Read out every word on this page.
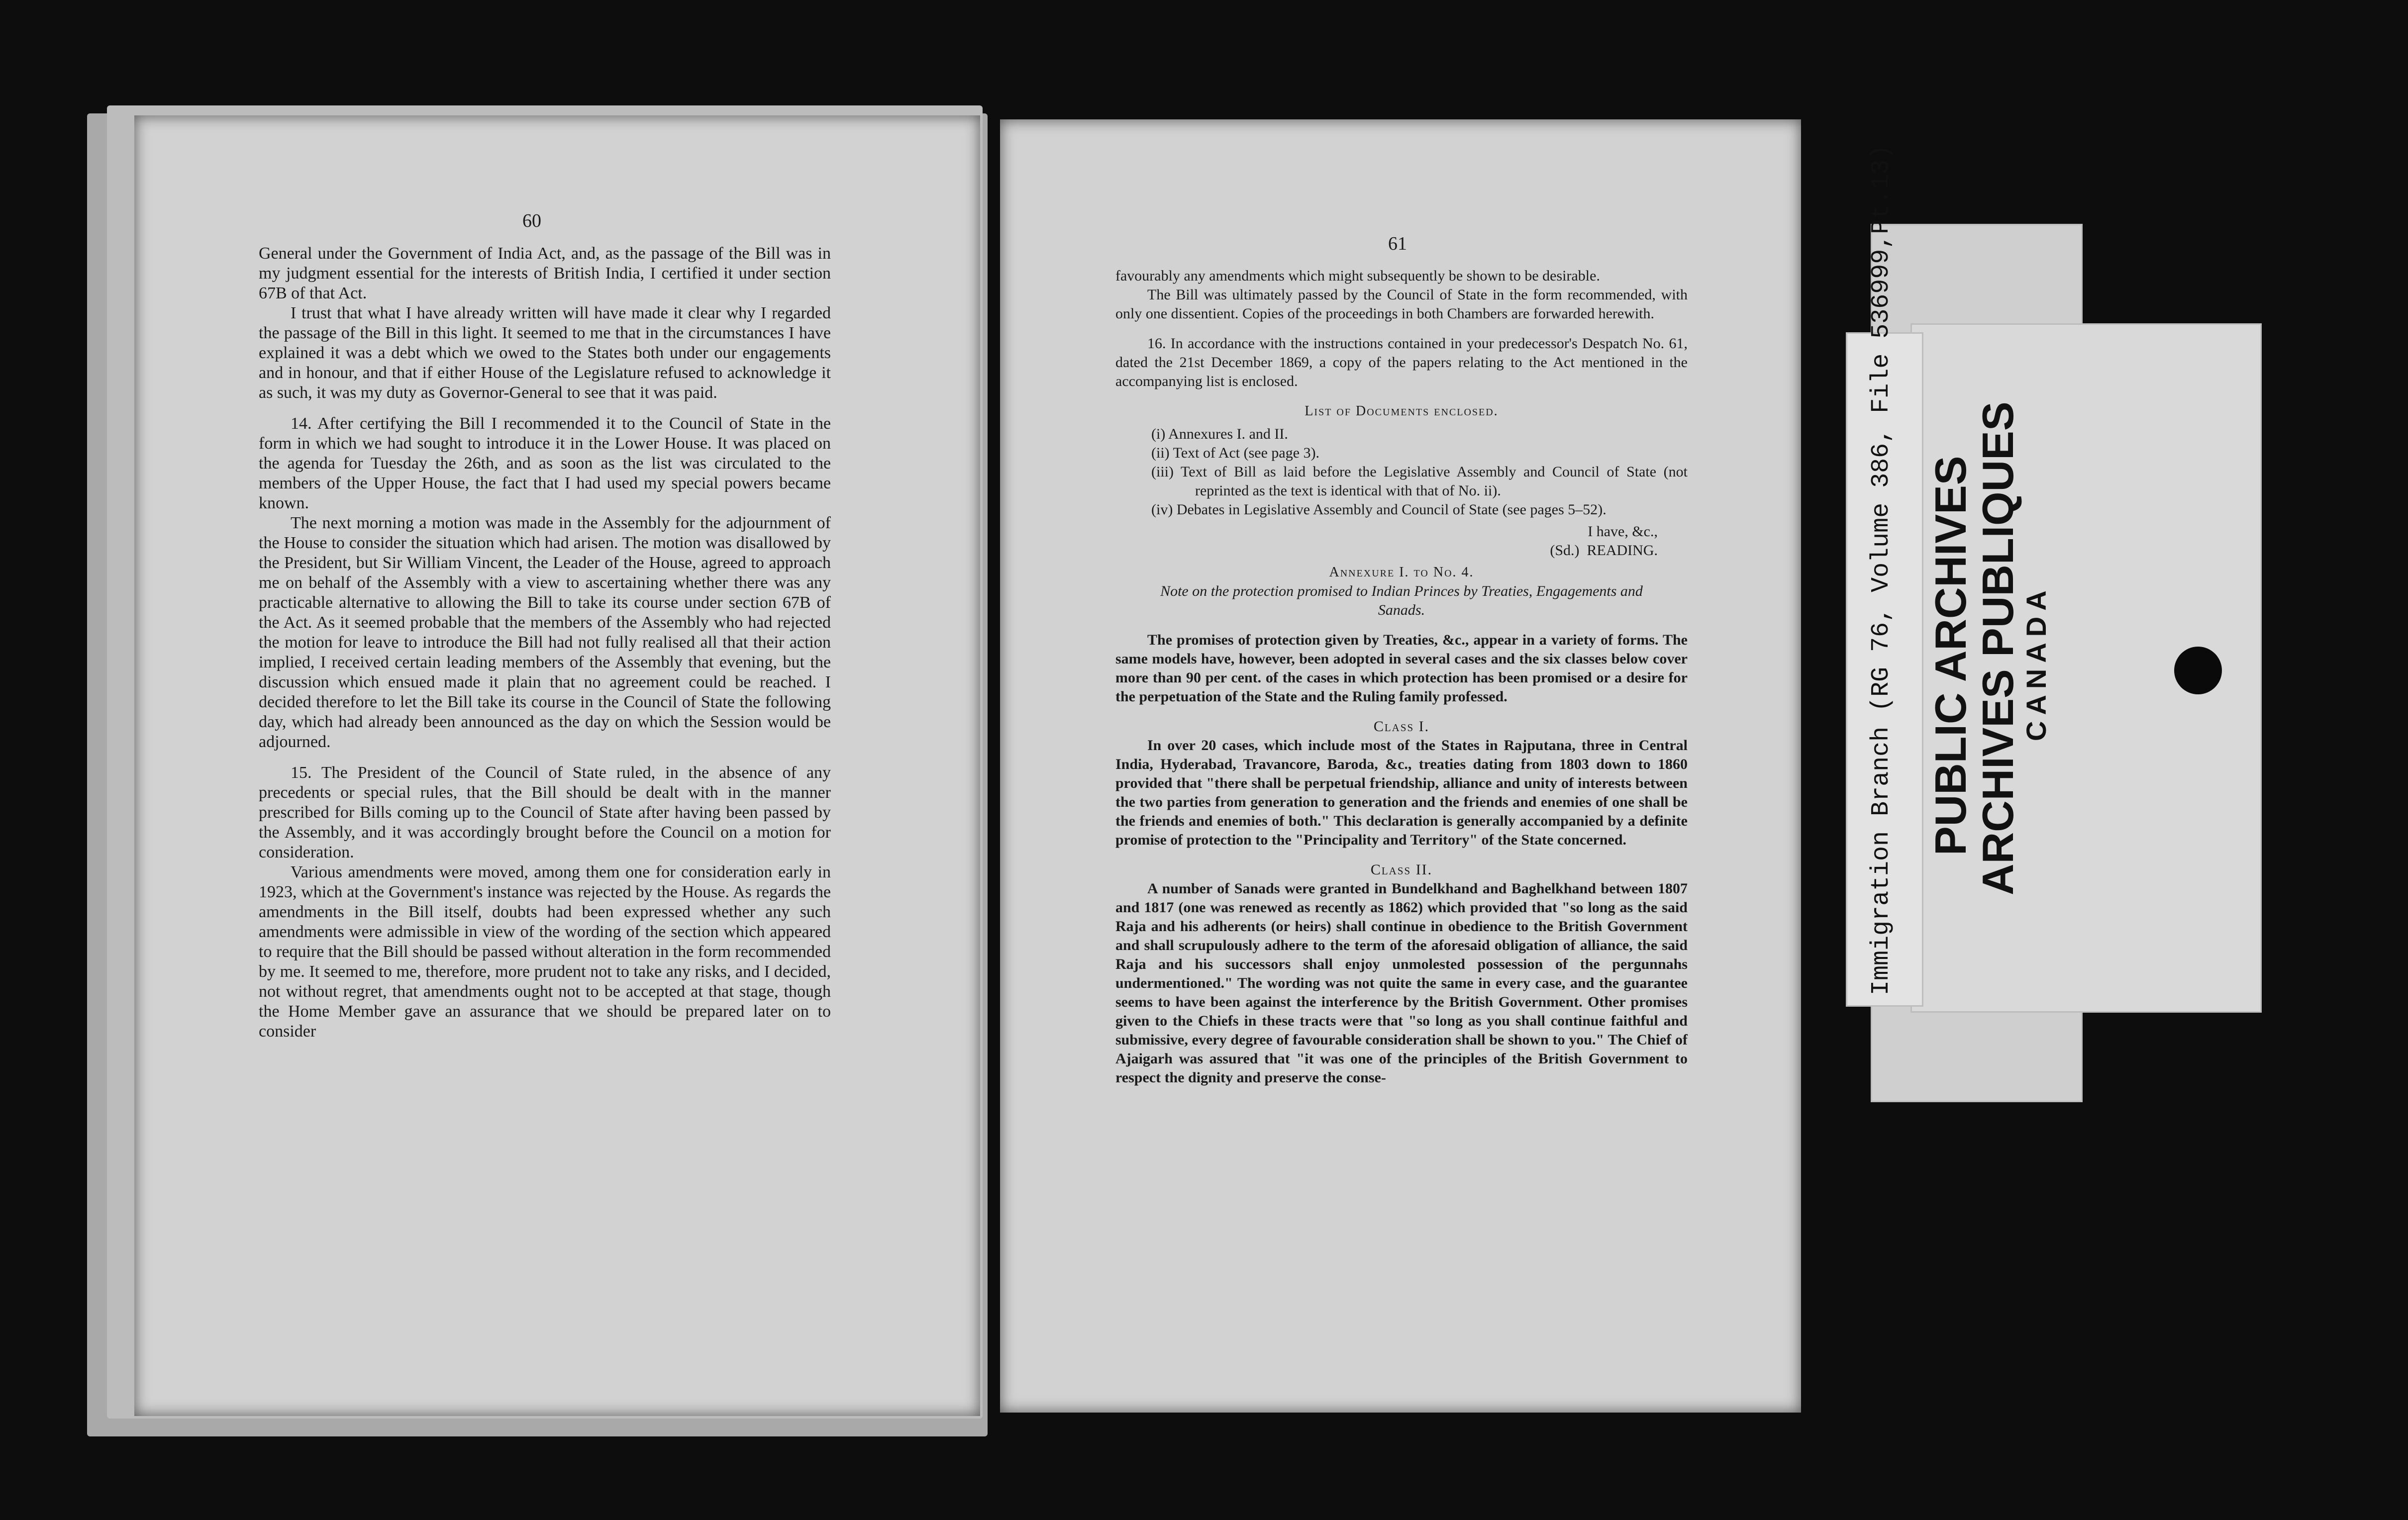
60

General under the Government of India Act, and, as the passage of the Bill was in my judgment essential for the interests of British India, I certified it under section 67B of that Act.

I trust that what I have already written will have made it clear why I regarded the passage of the Bill in this light. It seemed to me that in the circumstances I have explained it was a debt which we owed to the States both under our engagements and in honour, and that if either House of the Legislature refused to acknowledge it as such, it was my duty as Governor-General to see that it was paid.

14. After certifying the Bill I recommended it to the Council of State in the form in which we had sought to introduce it in the Lower House. It was placed on the agenda for Tuesday the 26th, and as soon as the list was circulated to the members of the Upper House, the fact that I had used my special powers became known.

The next morning a motion was made in the Assembly for the adjournment of the House to consider the situation which had arisen. The motion was disallowed by the President, but Sir William Vincent, the Leader of the House, agreed to approach me on behalf of the Assembly with a view to ascertaining whether there was any practicable alternative to allowing the Bill to take its course under section 67B of the Act. As it seemed probable that the members of the Assembly who had rejected the motion for leave to introduce the Bill had not fully realised all that their action implied, I received certain leading members of the Assembly that evening, but the discussion which ensued made it plain that no agreement could be reached. I decided therefore to let the Bill take its course in the Council of State the following day, which had already been announced as the day on which the Session would be adjourned.

15. The President of the Council of State ruled, in the absence of any precedents or special rules, that the Bill should be dealt with in the manner prescribed for Bills coming up to the Council of State after having been passed by the Assembly, and it was accordingly brought before the Council on a motion for consideration.

Various amendments were moved, among them one for consideration early in 1923, which at the Government's instance was rejected by the House. As regards the amendments in the Bill itself, doubts had been expressed whether any such amendments were admissible in view of the wording of the section which appeared to require that the Bill should be passed without alteration in the form recommended by me. It seemed to me, therefore, more prudent not to take any risks, and I decided, not without regret, that amendments ought not to be accepted at that stage, though the Home Member gave an assurance that we should be prepared later on to consider

61

favourably any amendments which might subsequently be shown to be desirable.

The Bill was ultimately passed by the Council of State in the form recommended, with only one dissentient. Copies of the proceedings in both Chambers are forwarded herewith.

16. In accordance with the instructions contained in your predecessor's Despatch No. 61, dated the 21st December 1869, a copy of the papers relating to the Act mentioned in the accompanying list is enclosed.

List of Documents enclosed.

(i) Annexures I. and II.
(ii) Text of Act (see page 3).
(iii) Text of Bill as laid before the Legislative Assembly and Council of State (not reprinted as the text is identical with that of No. ii).
(iv) Debates in Legislative Assembly and Council of State (see pages 5–52).
I have, &c.,
(Sd.)  READING.

Annexure I. to No. 4.

Note on the protection promised to Indian Princes by Treaties, Engagements and Sanads.

The promises of protection given by Treaties, &c., appear in a variety of forms. The same models have, however, been adopted in several cases and the six classes below cover more than 90 per cent. of the cases in which protection has been promised or a desire for the perpetuation of the State and the Ruling family professed.

Class I.

In over 20 cases, which include most of the States in Rajputana, three in Central India, Hyderabad, Travancore, Baroda, &c., treaties dating from 1803 down to 1860 provided that "there shall be perpetual friendship, alliance and unity of interests between the two parties from generation to generation and the friends and enemies of one shall be the friends and enemies of both." This declaration is generally accompanied by a definite promise of protection to the "Principality and Territory" of the State concerned.

Class II.

A number of Sanads were granted in Bundelkhand and Baghelkhand between 1807 and 1817 (one was renewed as recently as 1862) which provided that "so long as the said Raja and his adherents (or heirs) shall continue in obedience to the British Government and shall scrupulously adhere to the term of the aforesaid obligation of alliance, the said Raja and his successors shall enjoy unmolested possession of the pergunnahs undermentioned." The wording was not quite the same in every case, and the guarantee seems to have been against the interference by the British Government. Other promises given to the Chiefs in these tracts were that "so long as you shall continue faithful and submissive, every degree of favourable consideration shall be shown to you." The Chief of Ajaigarh was assured that "it was one of the principles of the British Government to respect the dignity and preserve the conse-

Immigration Branch (RG 76, Volume 386, File 536999,Pt.13) PUBLIC ARCHIVES
ARCHIVES PUBLIQUES
CANADA
